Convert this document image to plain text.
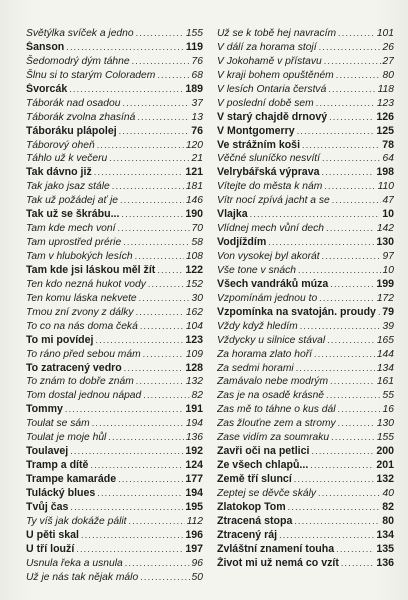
Světýlka svíček a jedno .....	155
Šanson .....	119
Šedomodrý dým táhne .....	76
Šlnu si to starým Coloradem .....	68
Švorcák .....	189
Táborák nad osadou .....	37
Táborák zvolna zhasíná .....	13
Táboráku plápolej .....	76
Táborový oheň .....	120
Táhlo už k večeru .....	21
Tak dávno již .....	121
Tak jako jsaz stále .....	181
Tak už požádej ať je .....	146
Tak už se škrábu... .....	190
Tam kde mech voní .....	70
Tam uprostřed prérie .....	58
Tam v hlubokých lesích .....	108
Tam kde jsi láskou měl žít .....	122
Ten kdo nezná hukot vody .....	152
Ten komu láska nekvete .....	30
Tmou zní zvony z dálky .....	162
To co na nás doma čeká .....	104
To mi povídej .....	123
To ráno před sebou mám .....	109
To zatracený vedro .....	128
To znám to dobře znám .....	132
Tom dostal jednou nápad .....	82
Tommy .....	191
Toulat se sám .....	194
Toulat je moje hůl .....	136
Toulavej .....	192
Tramp a dítě .....	124
Trampe kamaráde .....	177
Tulácký blues .....	194
Tvůj čas .....	195
Ty víš jak dokáže pálit .....	112
U pěti skal .....	196
U tří louží .....	197
Usnula řeka a usnula .....	96
Už je nás tak nějak málo .....	50
Už se k tobě hej navracím .....	101
V dálí za horama stojí .....	26
V Jokohamě v přístavu .....	27
V kraji bohem opuštěném .....	80
V lesích Ontaria čerstvá .....	118
V poslední době sem .....	123
V starý chajdě drnový .....	126
V Montgomerry .....	125
Ve strážním koši .....	78
Věčné sluníčko nesvítí .....	64
Velrybářská výprava .....	198
Vítejte do města k nám .....	110
Vítr nocí zpívá jacht a se .....	47
Vlajka .....	10
Vlídnej mech vůní dech .....	142
Vodjíždím .....	130
Von vysokej byl akorát .....	97
Vše tone v snách .....	10
Všech vandráků múza .....	199
Vzpomínám jednou to .....	172
Vzpomínka na svatoján. proudy ..... 79
Vždy když hledím .....	39
Vždycky u silnice stával .....	165
Za horama zlato hoří .....	144
Za sedmi horami .....	134
Zamávalo nebe modrým .....	161
Zas je na osadě krásně .....	55
Zas mě to táhne o kus dál .....	16
Zas žlouťne zem a stromy .....	130
Zase vidím za soumraku .....	155
Zavři oči na petlici .....	200
Ze všech chlapů... .....	201
Země tří sluncí .....	132
Zeptej se děvče skály .....	40
Zlatokop Tom .....	82
Ztracená stopa .....	80
Ztracený ráj .....	134
Zvláštní znamení touha .....	135
Život mi už nemá co vzít .....	136
